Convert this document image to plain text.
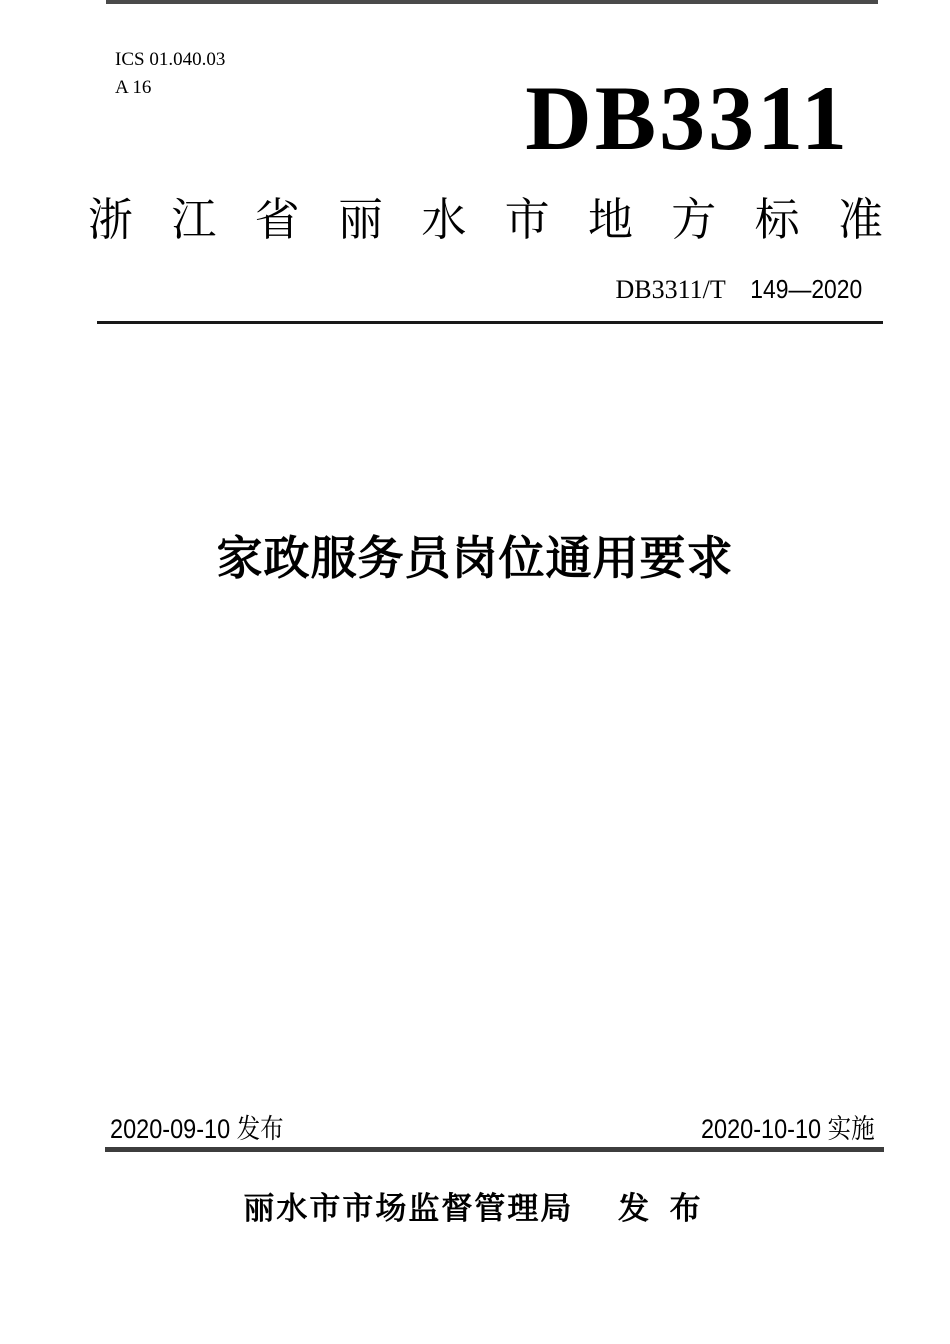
ICS 01.040.03
A 16	DB3311
浙 江 省 丽 水 市 地 方 标 准
DB3311/T 149—2020
家政服务员岗位通用要求
2020-09-10 发布	2020-10-10 实施
丽水市市场监督管理局 发 布
